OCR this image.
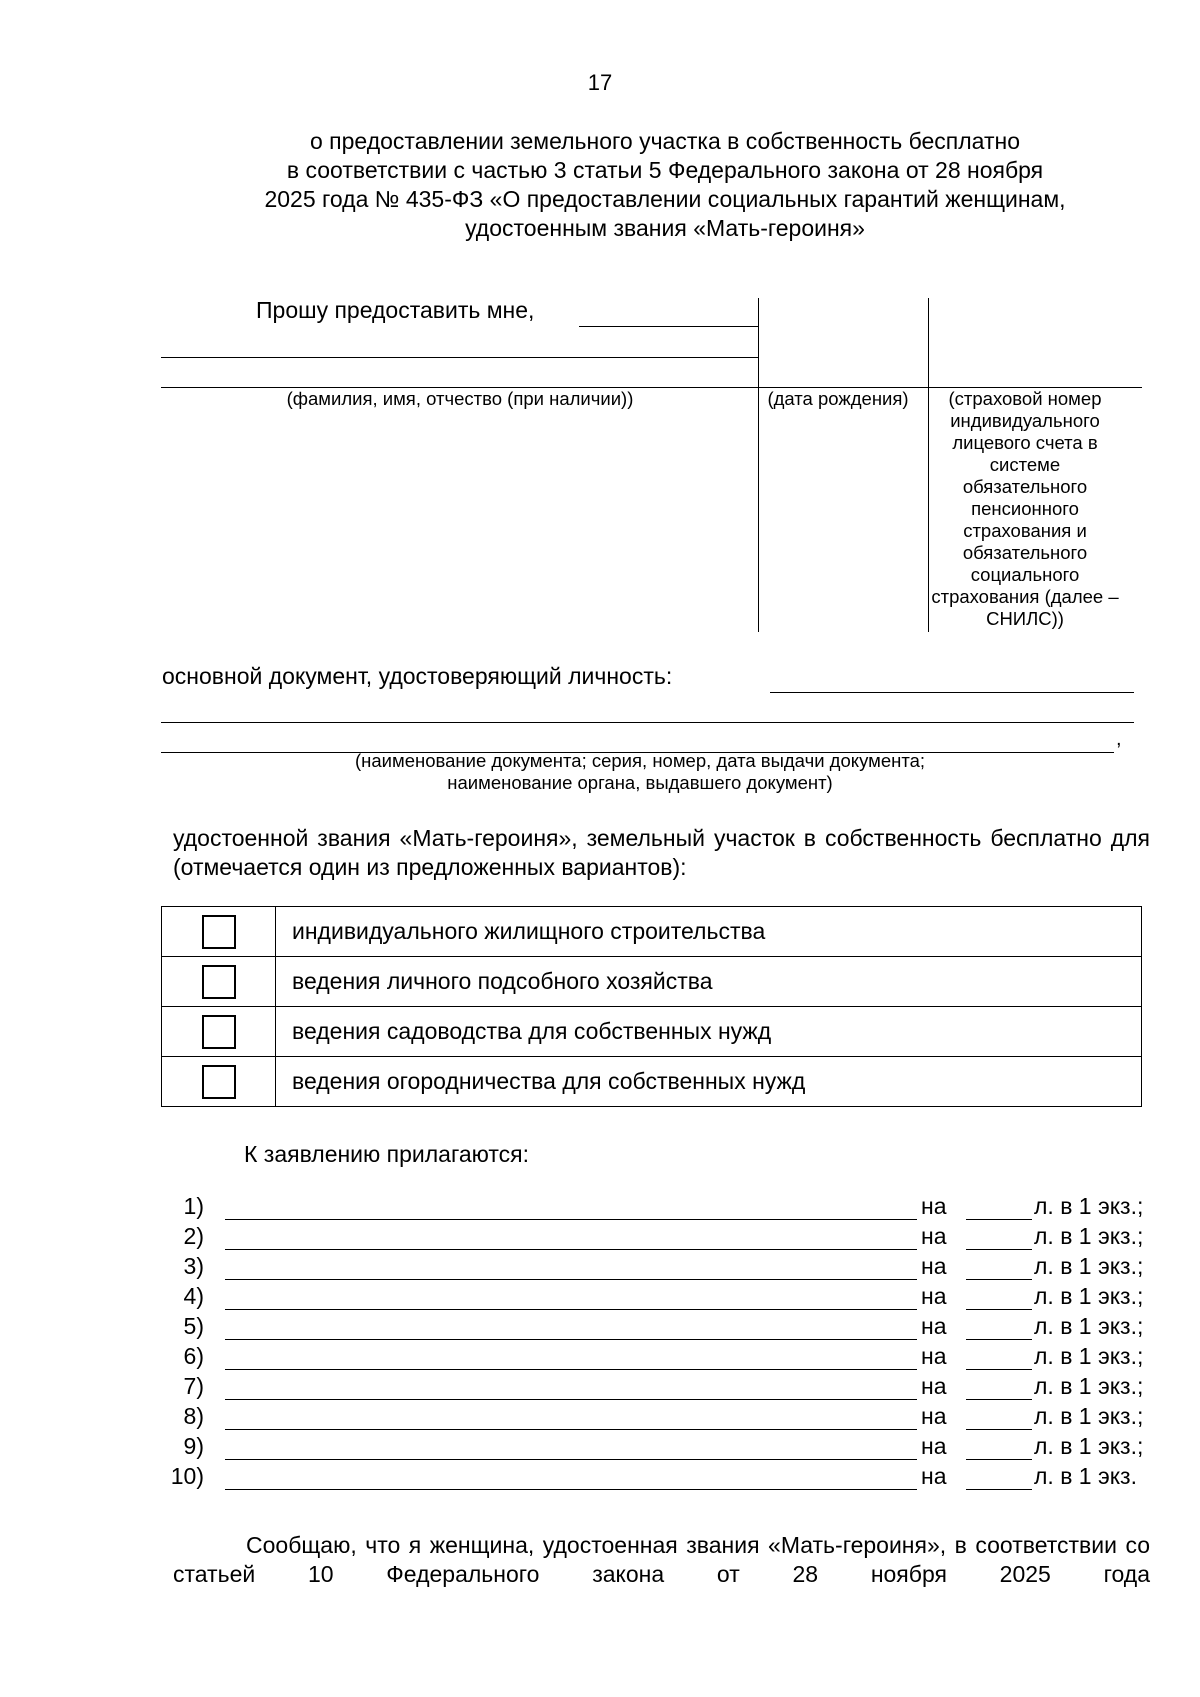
17
о предоставлении земельного участка в собственность бесплатно
в соответствии с частью 3 статьи 5 Федерального закона от 28 ноября
2025 года № 435-ФЗ «О предоставлении социальных гарантий женщинам,
удостоенным звания «Мать-героиня»
Прошу предоставить мне,
(фамилия, имя, отчество (при наличии))	(дата рождения)	(страховой номер индивидуального лицевого счета в системе обязательного пенсионного страхования и обязательного социального страхования (далее – СНИЛС))
основной документ, удостоверяющий личность:
,
(наименование документа; серия, номер, дата выдачи документа;
наименование органа, выдавшего документ)
удостоенной звания «Мать-героиня», земельный участок в собственность бесплатно для (отмечается один из предложенных вариантов):
	индивидуального жилищного строительства
	ведения личного подсобного хозяйства
	ведения садоводства для собственных нужд
	ведения огородничества для собственных нужд
К заявлению прилагаются:
1)	на	л. в 1 экз.;
2)	на	л. в 1 экз.;
3)	на	л. в 1 экз.;
4)	на	л. в 1 экз.;
5)	на	л. в 1 экз.;
6)	на	л. в 1 экз.;
7)	на	л. в 1 экз.;
8)	на	л. в 1 экз.;
9)	на	л. в 1 экз.;
10)	на	л. в 1 экз.
Сообщаю, что я женщина, удостоенная звания «Мать-героиня», в соответствии со статьей 10 Федерального закона от 28 ноября 2025 года
